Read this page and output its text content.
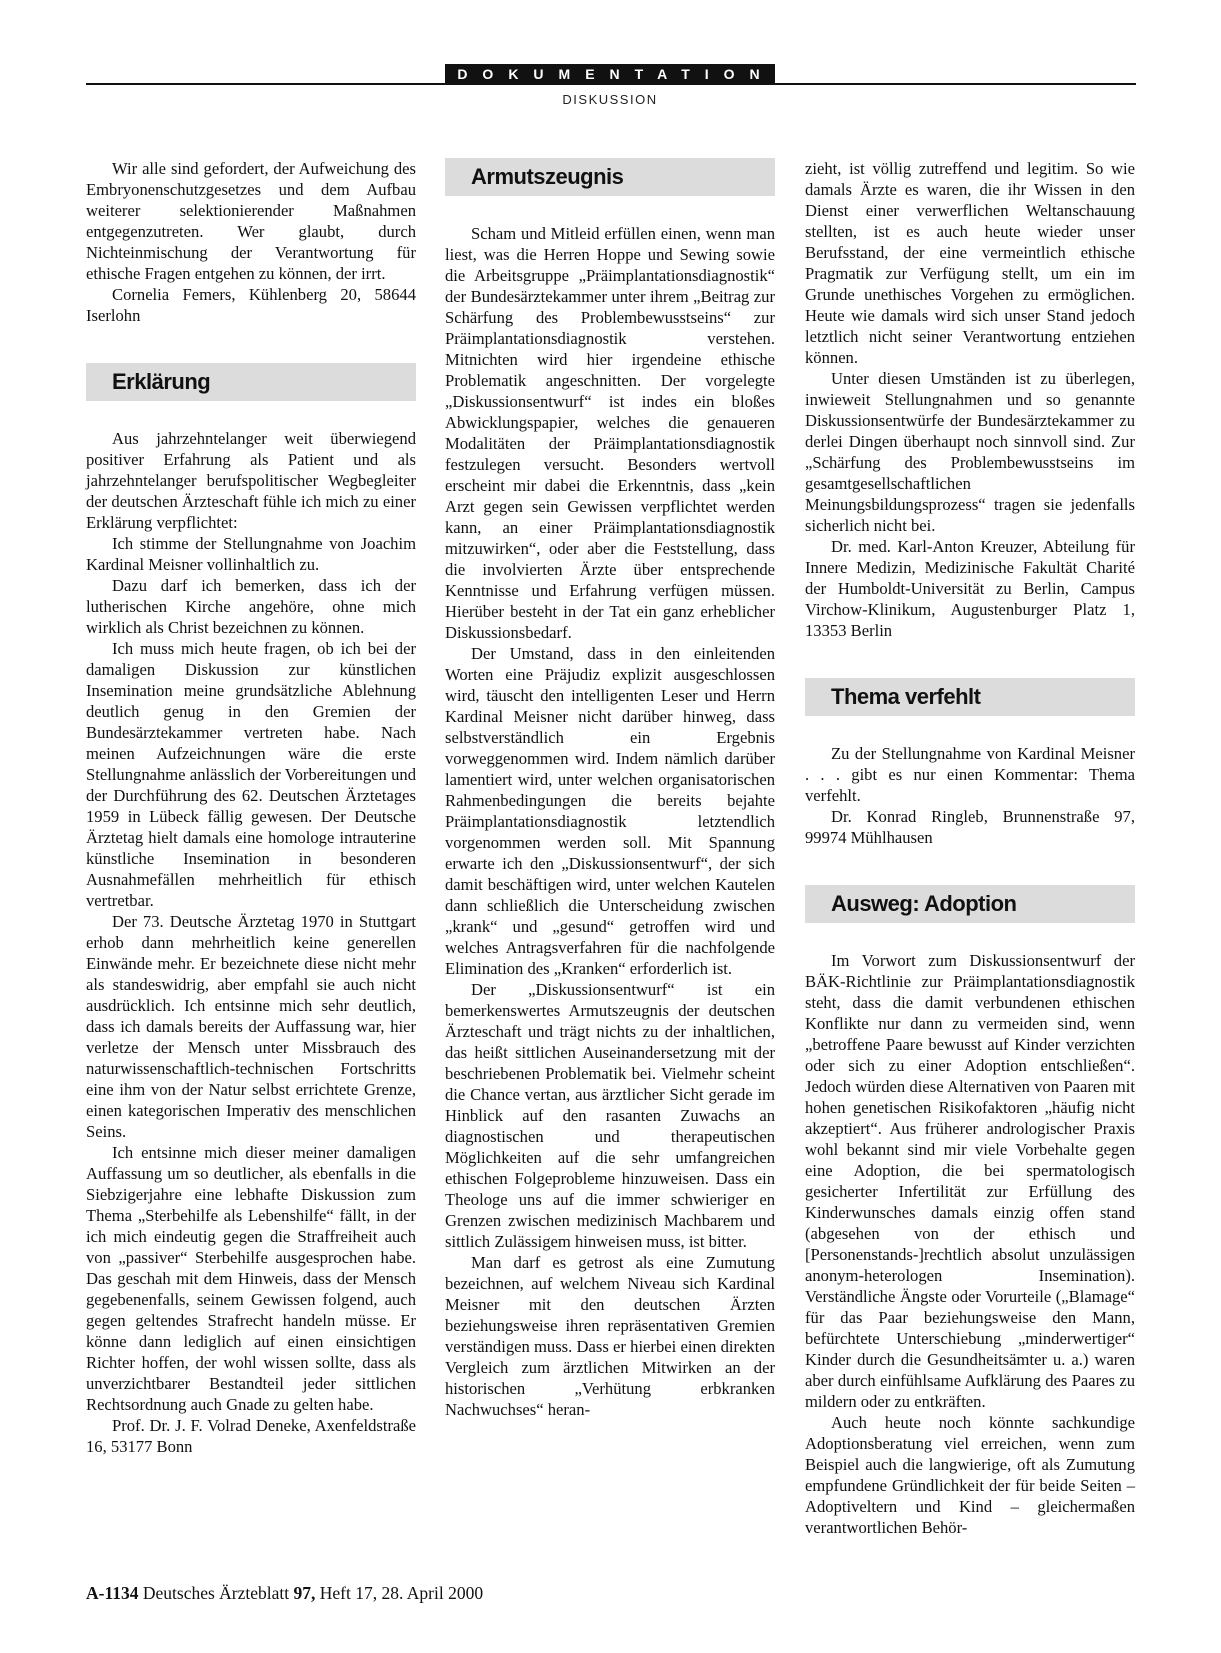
DOKUMENTATION
DISKUSSION

Wir alle sind gefordert, der Aufweichung des Embryonenschutzgesetzes und dem Aufbau weiterer selektionierender Maßnahmen entgegenzutreten. Wer glaubt, durch Nichteinmischung der Verantwortung für ethische Fragen entgehen zu können, der irrt.

Cornelia Femers, Kühlenberg 20, 58644 Iserlohn

Erklärung

Aus jahrzehntelanger weit überwiegend positiver Erfahrung als Patient und als jahrzehntelanger berufspolitischer Wegbegleiter der deutschen Ärzteschaft fühle ich mich zu einer Erklärung verpflichtet:

Ich stimme der Stellungnahme von Joachim Kardinal Meisner vollinhaltlich zu.

Dazu darf ich bemerken, dass ich der lutherischen Kirche angehöre, ohne mich wirklich als Christ bezeichnen zu können.

Ich muss mich heute fragen, ob ich bei der damaligen Diskussion zur künstlichen Insemination meine grundsätzliche Ablehnung deutlich genug in den Gremien der Bundesärztekammer vertreten habe. Nach meinen Aufzeichnungen wäre die erste Stellungnahme anlässlich der Vorbereitungen und der Durchführung des 62. Deutschen Ärztetages 1959 in Lübeck fällig gewesen. Der Deutsche Ärztetag hielt damals eine homologe intrauterine künstliche Insemination in besonderen Ausnahmefällen mehrheitlich für ethisch vertretbar.

Der 73. Deutsche Ärztetag 1970 in Stuttgart erhob dann mehrheitlich keine generellen Einwände mehr. Er bezeichnete diese nicht mehr als standeswidrig, aber empfahl sie auch nicht ausdrücklich. Ich entsinne mich sehr deutlich, dass ich damals bereits der Auffassung war, hier verletze der Mensch unter Missbrauch des naturwissenschaftlich-technischen Fortschritts eine ihm von der Natur selbst errichtete Grenze, einen kategorischen Imperativ des menschlichen Seins.

Ich entsinne mich dieser meiner damaligen Auffassung um so deutlicher, als ebenfalls in die Siebzigerjahre eine lebhafte Diskussion zum Thema „Sterbehilfe als Lebenshilfe“ fällt, in der ich mich eindeutig gegen die Straffreiheit auch von „passiver“ Sterbehilfe ausgesprochen habe. Das geschah mit dem Hinweis, dass der Mensch gegebenenfalls, seinem Gewissen folgend, auch gegen geltendes Strafrecht handeln müsse. Er könne dann lediglich auf einen einsichtigen Richter hoffen, der wohl wissen sollte, dass als unverzichtbarer Bestandteil jeder sittlichen Rechtsordnung auch Gnade zu gelten habe.

Prof. Dr. J. F. Volrad Deneke, Axenfeldstraße 16, 53177 Bonn

Armutszeugnis

Scham und Mitleid erfüllen einen, wenn man liest, was die Herren Hoppe und Sewing sowie die Arbeitsgruppe „Präimplantationsdiagnostik“ der Bundesärztekammer unter ihrem „Beitrag zur Schärfung des Problembewusstseins“ zur Präimplantationsdiagnostik verstehen. Mitnichten wird hier irgendeine ethische Problematik angeschnitten. Der vorgelegte „Diskussionsentwurf“ ist indes ein bloßes Abwicklungspapier, welches die genaueren Modalitäten der Präimplantationsdiagnostik festzulegen versucht. Besonders wertvoll erscheint mir dabei die Erkenntnis, dass „kein Arzt gegen sein Gewissen verpflichtet werden kann, an einer Präimplantationsdiagnostik mitzuwirken“, oder aber die Feststellung, dass die involvierten Ärzte über entsprechende Kenntnisse und Erfahrung verfügen müssen. Hierüber besteht in der Tat ein ganz erheblicher Diskussionsbedarf.

Der Umstand, dass in den einleitenden Worten eine Präjudiz explizit ausgeschlossen wird, täuscht den intelligenten Leser und Herrn Kardinal Meisner nicht darüber hinweg, dass selbstverständlich ein Ergebnis vorweggenommen wird. Indem nämlich darüber lamentiert wird, unter welchen organisatorischen Rahmenbedingungen die bereits bejahte Präimplantationsdiagnostik letztendlich vorgenommen werden soll. Mit Spannung erwarte ich den „Diskussionsentwurf“, der sich damit beschäftigen wird, unter welchen Kautelen dann schließlich die Unterscheidung zwischen „krank“ und „gesund“ getroffen wird und welches Antragsverfahren für die nachfolgende Elimination des „Kranken“ erforderlich ist.

Der „Diskussionsentwurf“ ist ein bemerkenswertes Armutszeugnis der deutschen Ärzteschaft und trägt nichts zu der inhaltlichen, das heißt sittlichen Auseinandersetzung mit der beschriebenen Problematik bei. Vielmehr scheint die Chance vertan, aus ärztlicher Sicht gerade im Hinblick auf den rasanten Zuwachs an diagnostischen und therapeutischen Möglichkeiten auf die sehr umfangreichen ethischen Folgeprobleme hinzuweisen. Dass ein Theologe uns auf die immer schwieriger en Grenzen zwischen medizinisch Machbarem und sittlich Zulässigem hinweisen muss, ist bitter.

Man darf es getrost als eine Zumutung bezeichnen, auf welchem Niveau sich Kardinal Meisner mit den deutschen Ärzten beziehungsweise ihren repräsentativen Gremien verständigen muss. Dass er hierbei einen direkten Vergleich zum ärztlichen Mitwirken an der historischen „Verhütung erbkranken Nachwuchses“ heran-

zieht, ist völlig zutreffend und legitim. So wie damals Ärzte es waren, die ihr Wissen in den Dienst einer verwerflichen Weltanschauung stellten, ist es auch heute wieder unser Berufsstand, der eine vermeintlich ethische Pragmatik zur Verfügung stellt, um ein im Grunde unethisches Vorgehen zu ermöglichen. Heute wie damals wird sich unser Stand jedoch letztlich nicht seiner Verantwortung entziehen können.

Unter diesen Umständen ist zu überlegen, inwieweit Stellungnahmen und so genannte Diskussionsentwürfe der Bundesärztekammer zu derlei Dingen überhaupt noch sinnvoll sind. Zur „Schärfung des Problembewusstseins im gesamtgesellschaftlichen Meinungsbildungsprozess“ tragen sie jedenfalls sicherlich nicht bei.

Dr. med. Karl-Anton Kreuzer, Abteilung für Innere Medizin, Medizinische Fakultät Charité der Humboldt-Universität zu Berlin, Campus Virchow-Klinikum, Augustenburger Platz 1, 13353 Berlin

Thema verfehlt

Zu der Stellungnahme von Kardinal Meisner . . . gibt es nur einen Kommentar: Thema verfehlt.

Dr. Konrad Ringleb, Brunnenstraße 97, 99974 Mühlhausen

Ausweg: Adoption

Im Vorwort zum Diskussionsentwurf der BÄK-Richtlinie zur Präimplantationsdiagnostik steht, dass die damit verbundenen ethischen Konflikte nur dann zu vermeiden sind, wenn „betroffene Paare bewusst auf Kinder verzichten oder sich zu einer Adoption entschließen“. Jedoch würden diese Alternativen von Paaren mit hohen genetischen Risikofaktoren „häufig nicht akzeptiert“. Aus früherer andrologischer Praxis wohl bekannt sind mir viele Vorbehalte gegen eine Adoption, die bei spermatologisch gesicherter Infertilität zur Erfüllung des Kinderwunsches damals einzig offen stand (abgesehen von der ethisch und [Personenstands-]rechtlich absolut unzulässigen anonym-heterologen Insemination). Verständliche Ängste oder Vorurteile („Blamage“ für das Paar beziehungsweise den Mann, befürchtete Unterschiebung „minderwertiger“ Kinder durch die Gesundheitsämter u. a.) waren aber durch einfühlsame Aufklärung des Paares zu mildern oder zu entkräften.

Auch heute noch könnte sachkundige Adoptionsberatung viel erreichen, wenn zum Beispiel auch die langwierige, oft als Zumutung empfundene Gründlichkeit der für beide Seiten – Adoptiveltern und Kind – gleichermaßen verantwortlichen Behör-

A-1134 Deutsches Ärzteblatt 97, Heft 17, 28. April 2000
